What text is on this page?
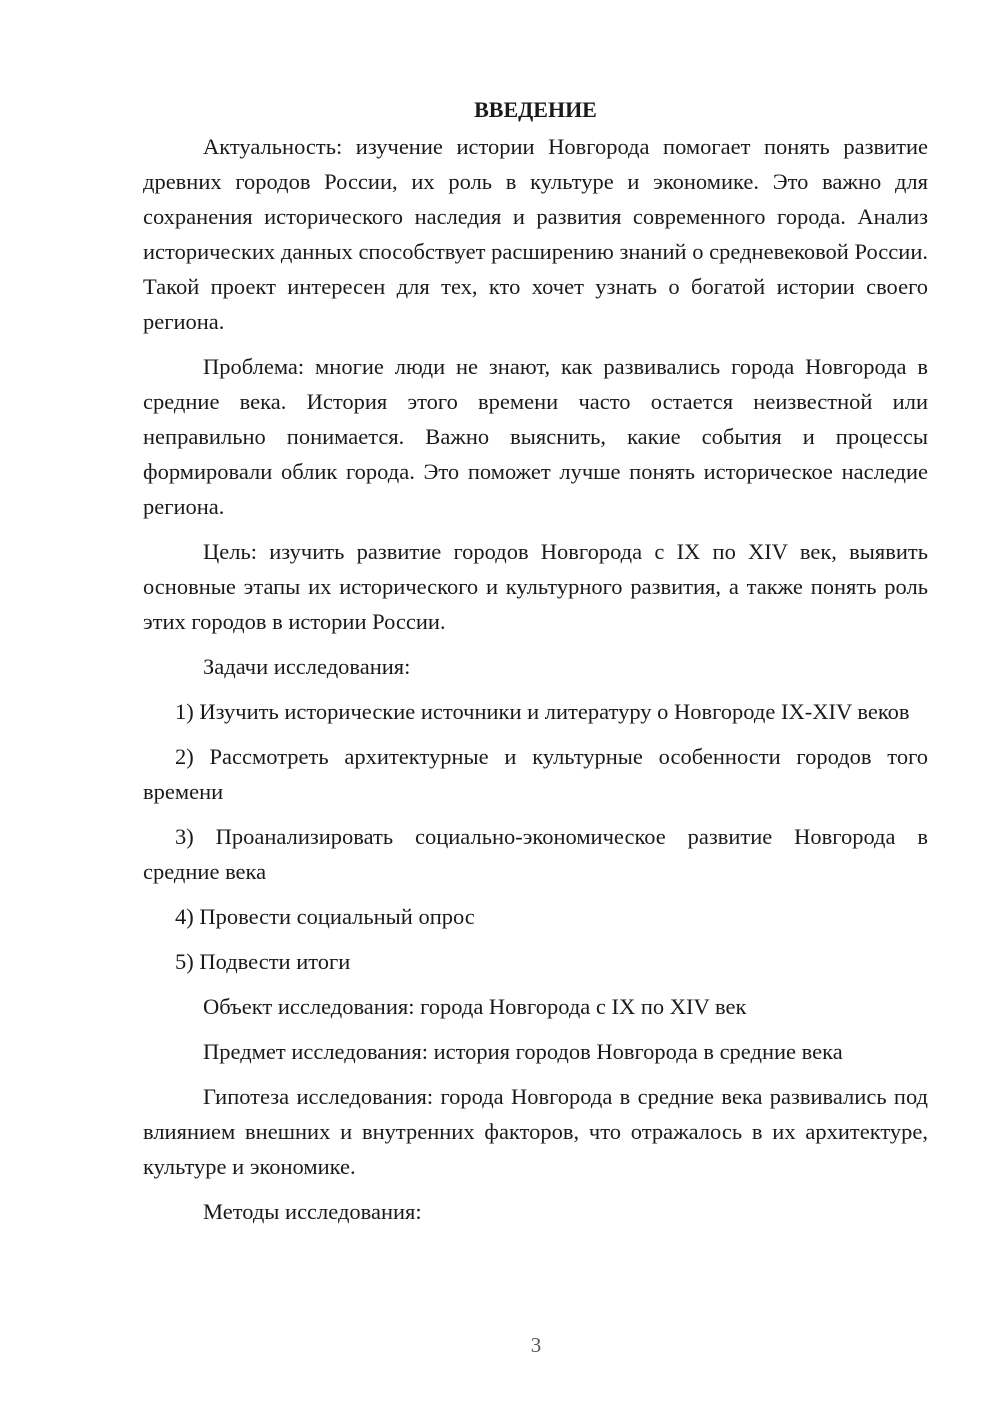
ВВЕДЕНИЕ

Актуальность: изучение истории Новгорода помогает понять развитие древних городов России, их роль в культуре и экономике. Это важно для сохранения исторического наследия и развития современного города. Анализ исторических данных способствует расширению знаний о средневековой России. Такой проект интересен для тех, кто хочет узнать о богатой истории своего региона.

Проблема: многие люди не знают, как развивались города Новгорода в средние века. История этого времени часто остается неизвестной или неправильно понимается. Важно выяснить, какие события и процессы формировали облик города. Это поможет лучше понять историческое наследие региона.

Цель: изучить развитие городов Новгорода с IX по XIV век, выявить основные этапы их исторического и культурного развития, а также понять роль этих городов в истории России.

Задачи исследования:

1) Изучить исторические источники и литературу о Новгороде IX-XIV веков

2) Рассмотреть архитектурные и культурные особенности городов того времени

3) Проанализировать социально-экономическое развитие Новгорода в средние века

4) Провести социальный опрос

5) Подвести итоги

Объект исследования: города Новгорода с IX по XIV век

Предмет исследования: история городов Новгорода в средние века

Гипотеза исследования: города Новгорода в средние века развивались под влиянием внешних и внутренних факторов, что отражалось в их архитектуре, культуре и экономике.

Методы исследования:

3
